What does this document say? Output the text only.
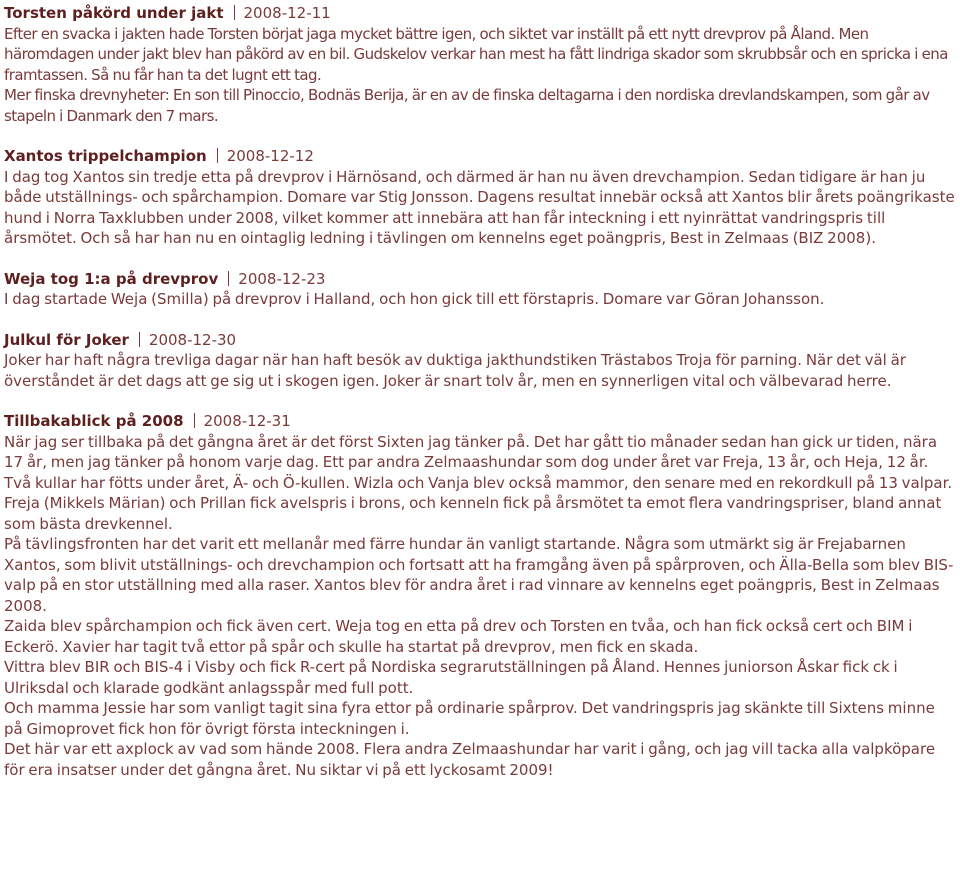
Torsten påkörd under jakt 2008-12-11

Efter en svacka i jakten hade Torsten börjat jaga mycket bättre igen, och siktet var inställt på ett nytt drevprov på Åland. Men häromdagen under jakt blev han påkörd av en bil. Gudskelov verkar han mest ha fått lindriga skador som skrubbsår och en spricka i ena framtassen. Så nu får han ta det lugnt ett tag.

Mer finska drevnyheter: En son till Pinoccio, Bodnäs Berija, är en av de finska deltagarna i den nordiska drevlandskampen, som går av stapeln i Danmark den 7 mars.

Xantos trippelchampion 2008-12-12

I dag tog Xantos sin tredje etta på drevprov i Härnösand, och därmed är han nu även drevchampion. Sedan tidigare är han ju både utställnings- och spårchampion. Domare var Stig Jonsson. Dagens resultat innebär också att Xantos blir årets poängrikaste hund i Norra Taxklubben under 2008, vilket kommer att innebära att han får inteckning i ett nyinrättat vandringspris till årsmötet. Och så har han nu en ointaglig ledning i tävlingen om kennelns eget poängpris, Best in Zelmaas (BIZ 2008).

Weja tog 1:a på drevprov 2008-12-23

I dag startade Weja (Smilla) på drevprov i Halland, och hon gick till ett förstapris. Domare var Göran Johansson.

Julkul för Joker 2008-12-30

Joker har haft några trevliga dagar när han haft besök av duktiga jakthundstiken Trästabos Troja för parning. När det väl är överståndet är det dags att ge sig ut i skogen igen. Joker är snart tolv år, men en synnerligen vital och välbevarad herre.

Tillbakablick på 2008 2008-12-31

När jag ser tillbaka på det gångna året är det först Sixten jag tänker på. Det har gått tio månader sedan han gick ur tiden, nära 17 år, men jag tänker på honom varje dag. Ett par andra Zelmaashundar som dog under året var Freja, 13 år, och Heja, 12 år.

Två kullar har fötts under året, Ä- och Ö-kullen. Wizla och Vanja blev också mammor, den senare med en rekordkull på 13 valpar.

Freja (Mikkels Märian) och Prillan fick avelspris i brons, och kenneln fick på årsmötet ta emot flera vandringspriser, bland annat som bästa drevkennel.

På tävlingsfronten har det varit ett mellanår med färre hundar än vanligt startande. Några som utmärkt sig är Frejabarnen Xantos, som blivit utställnings- och drevchampion och fortsatt att ha framgång även på spårproven, och Älla-Bella som blev BIS-valp på en stor utställning med alla raser. Xantos blev för andra året i rad vinnare av kennelns eget poängpris, Best in Zelmaas 2008.

Zaida blev spårchampion och fick även cert. Weja tog en etta på drev och Torsten en tvåa, och han fick också cert och BIM i Eckerö. Xavier har tagit två ettor på spår och skulle ha startat på drevprov, men fick en skada.

Vittra blev BIR och BIS-4 i Visby och fick R-cert på Nordiska segrarutställningen på Åland. Hennes juniorson Åskar fick ck i Ulriksdal och klarade godkänt anlagsspår med full pott.

Och mamma Jessie har som vanligt tagit sina fyra ettor på ordinarie spårprov. Det vandringspris jag skänkte till Sixtens minne på Gimoprovet fick hon för övrigt första inteckningen i.

Det här var ett axplock av vad som hände 2008. Flera andra Zelmaashundar har varit i gång, och jag vill tacka alla valpköpare för era insatser under det gångna året. Nu siktar vi på ett lyckosamt 2009!
